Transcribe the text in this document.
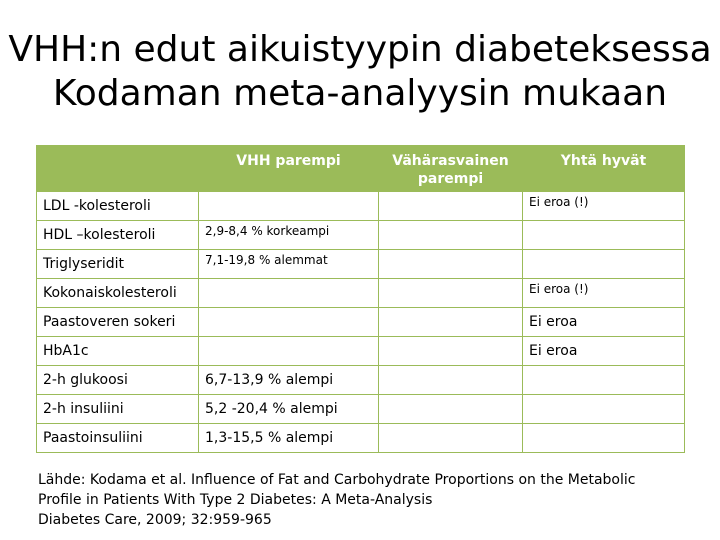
VHH:n edut aikuistyypin diabeteksessa
Kodaman meta-analyysin mukaan
	VHH parempi	Vähärasvainen parempi	Yhtä hyvät
LDL -kolesteroli			Ei eroa (!)
HDL –kolesteroli	2,9-8,4 % korkeampi		
Triglyseridit	7,1-19,8 % alemmat		
Kokonaiskolesteroli			Ei eroa (!)
Paastoveren sokeri			Ei eroa
HbA1c			Ei eroa
2-h glukoosi	6,7-13,9 % alempi		
2-h insuliini	5,2 -20,4 % alempi		
Paastoinsuliini	1,3-15,5 % alempi		
Lähde: Kodama et al. Influence of Fat and Carbohydrate Proportions on the Metabolic
Profile in Patients With Type 2 Diabetes: A Meta-Analysis
Diabetes Care, 2009; 32:959-965
